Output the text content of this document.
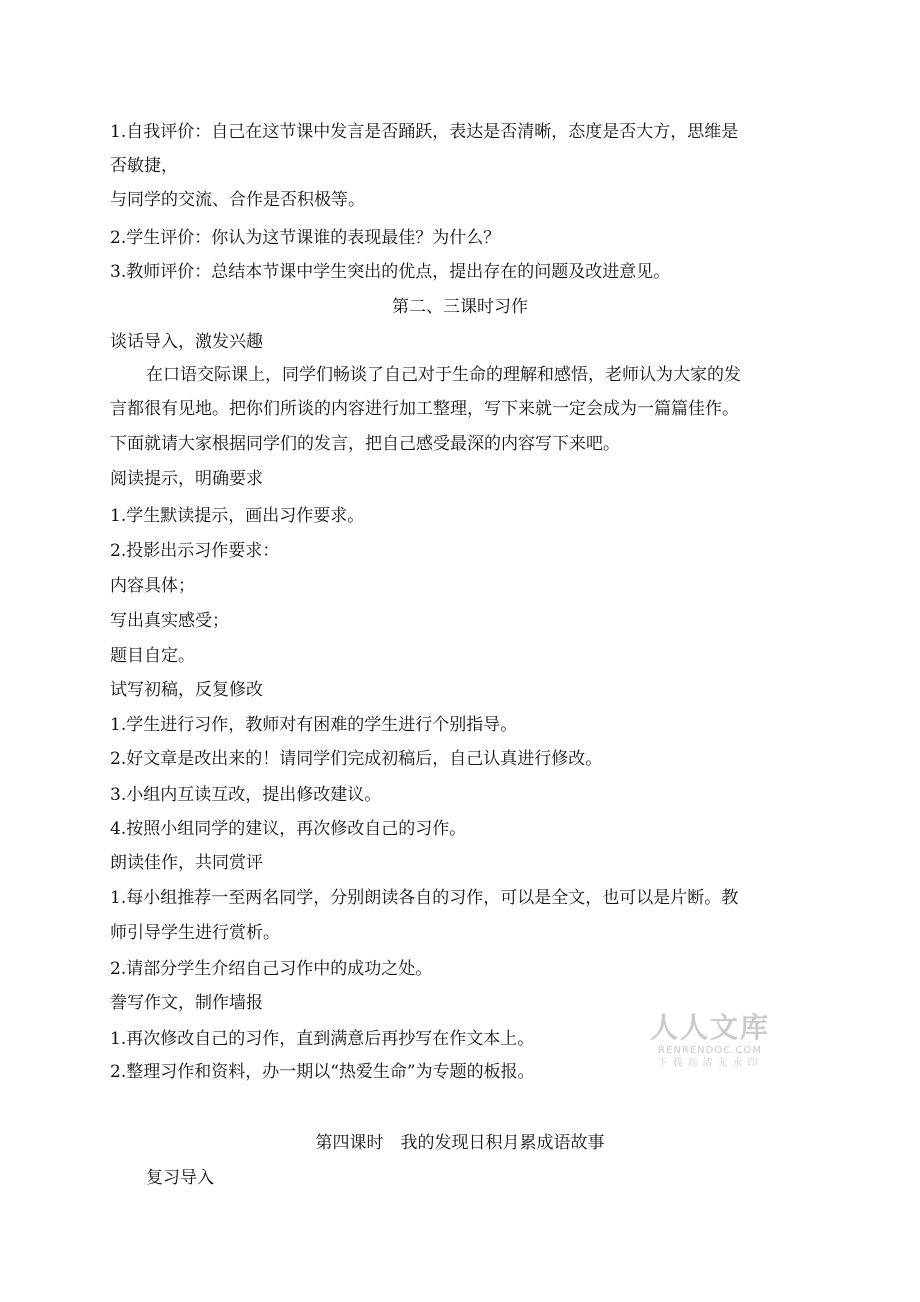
1.自我评价：自己在这节课中发言是否踊跃，表达是否清晰，态度是否大方，思维是
否敏捷，
与同学的交流、合作是否积极等。
2.学生评价：你认为这节课谁的表现最佳？为什么？
3.教师评价：总结本节课中学生突出的优点，提出存在的问题及改进意见。
第二、三课时习作
谈话导入，激发兴趣
在口语交际课上，同学们畅谈了自己对于生命的理解和感悟，老师认为大家的发
言都很有见地。把你们所谈的内容进行加工整理，写下来就一定会成为一篇篇佳作。
下面就请大家根据同学们的发言，把自己感受最深的内容写下来吧。
阅读提示，明确要求
1.学生默读提示，画出习作要求。
2.投影出示习作要求：
内容具体；
写出真实感受；
题目自定。
试写初稿，反复修改
1.学生进行习作，教师对有困难的学生进行个别指导。
2.好文章是改出来的！请同学们完成初稿后，自己认真进行修改。
3.小组内互读互改，提出修改建议。
4.按照小组同学的建议，再次修改自己的习作。
朗读佳作，共同赏评
1.每小组推荐一至两名同学，分别朗读各自的习作，可以是全文，也可以是片断。教
师引导学生进行赏析。
2.请部分学生介绍自己习作中的成功之处。
誊写作文，制作墙报
1.再次修改自己的习作，直到满意后再抄写在作文本上。
2.整理习作和资料，办一期以“热爱生命”为专题的板报。
第四课时　我的发现日积月累成语故事
复习导入
人人文库
RENRENDOC.COM
下载高清无水印
